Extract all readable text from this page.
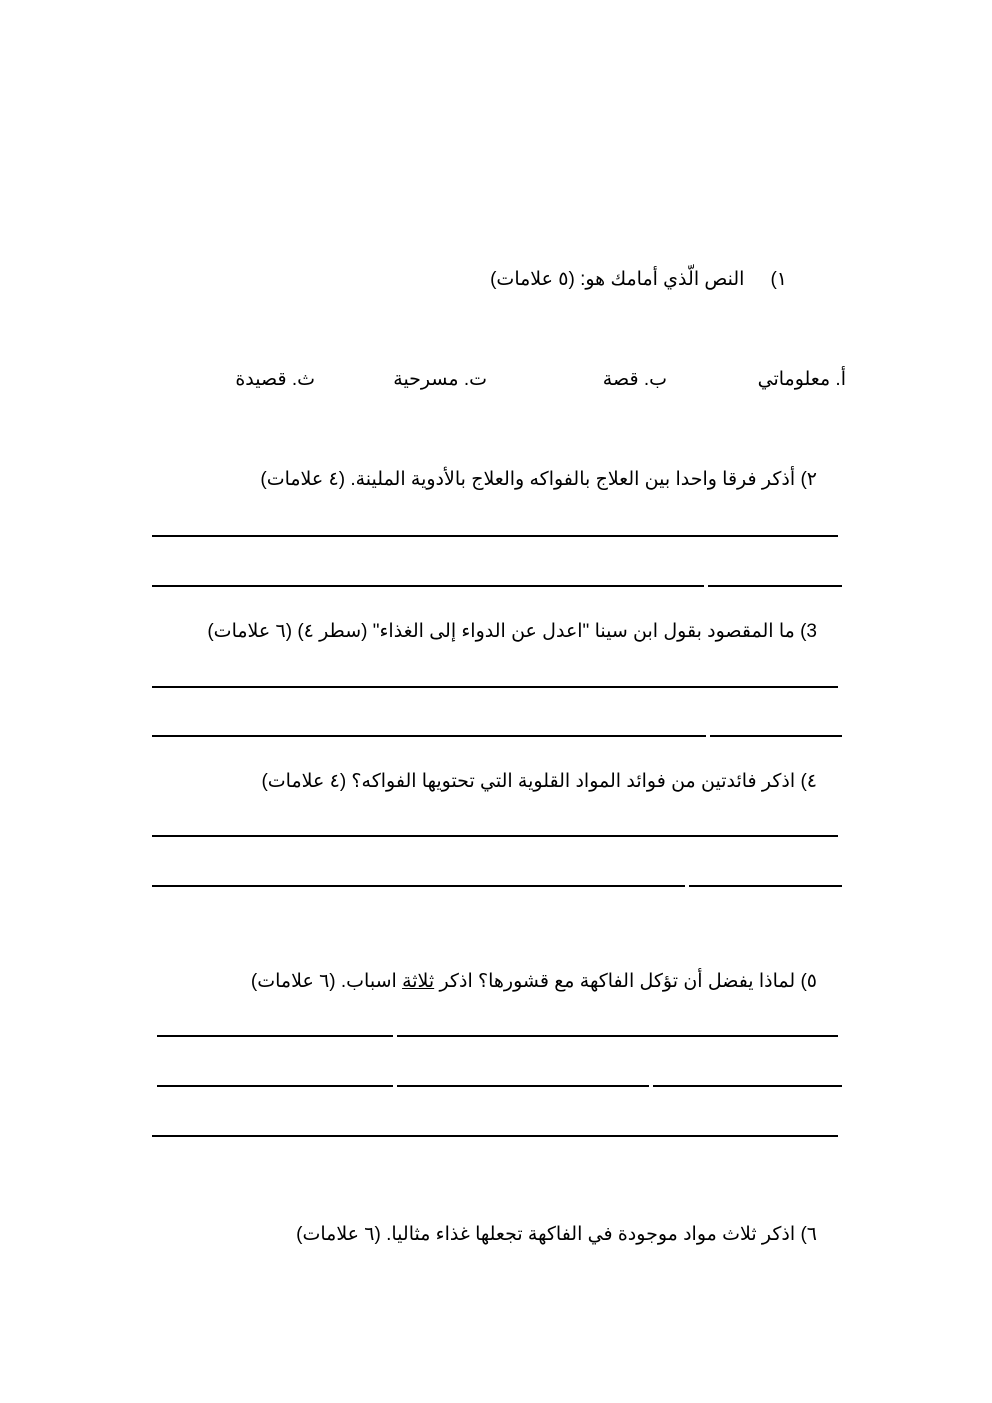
١)النص الّذي أمامك هو: (٥ علامات)
أ. معلوماتي
ب. قصة
ت. مسرحية
ث. قصيدة
٢) أذكر فرقا واحدا بين العلاج بالفواكه والعلاج بالأدوية الملينة. (٤ علامات)
3) ما المقصود بقول ابن سينا "اعدل عن الدواء إلى الغذاء" (سطر ٤) (٦ علامات)
٤) اذكر فائدتين من فوائد المواد القلوية التي تحتويها الفواكه؟ (٤ علامات)
٥) لماذا يفضل أن تؤكل الفاكهة مع قشورها؟ اذكر ثلاثة اسباب. (٦ علامات)
٦) اذكر ثلاث مواد موجودة في الفاكهة تجعلها غذاء مثاليا. (٦ علامات)
